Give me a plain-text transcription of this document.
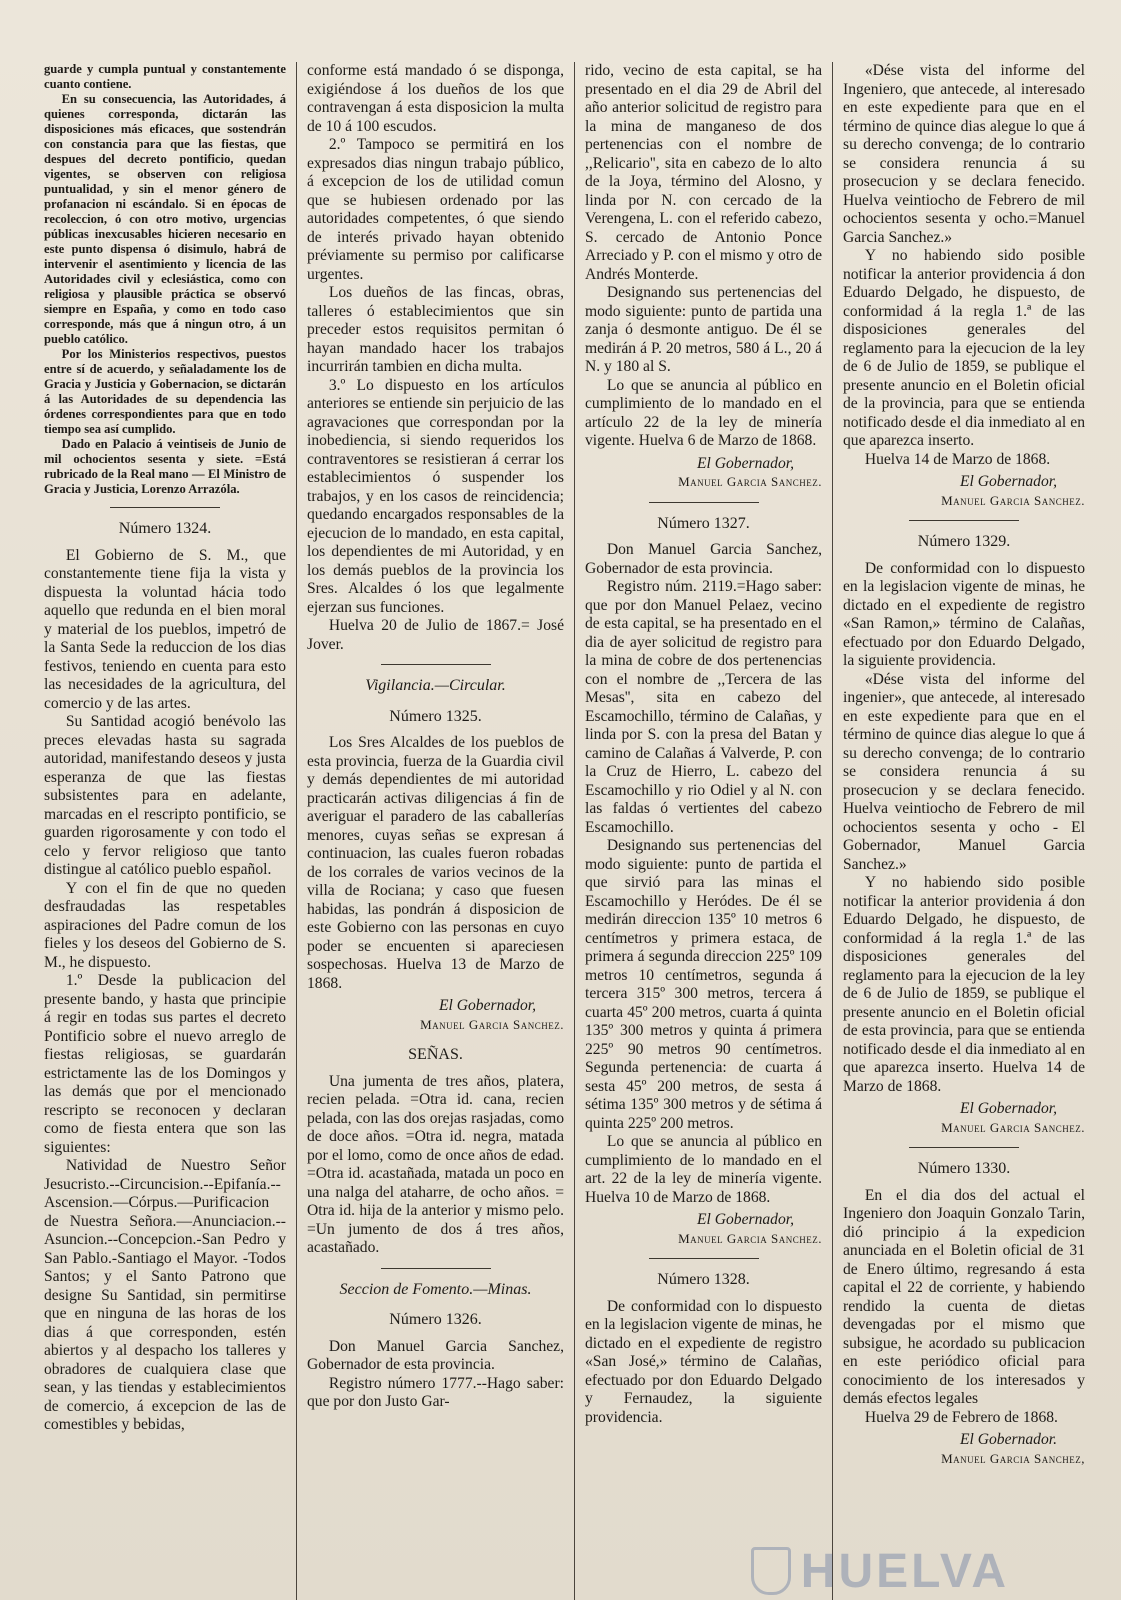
guarde y cumpla puntual y constantemente cuanto contiene.

En su consecuencia, las Autoridades, á quienes corresponda, dictarán las disposiciones más eficaces, que sostendrán con constancia para que las fiestas, que despues del decreto pontificio, quedan vigentes, se observen con religiosa puntualidad, y sin el menor género de profanacion ni escándalo. Si en épocas de recoleccion, ó con otro motivo, urgencias públicas inexcusables hicieren necesario en este punto dispensa ó disimulo, habrá de intervenir el asentimiento y licencia de las Autoridades civil y eclesiástica, como con religiosa y plausible práctica se observó siempre en España, y como en todo caso corresponde, más que á ningun otro, á un pueblo católico.

Por los Ministerios respectivos, puestos entre sí de acuerdo, y señaladamente los de Gracia y Justicia y Gobernacion, se dictarán á las Autoridades de su dependencia las órdenes correspondientes para que en todo tiempo sea así cumplido.

Dado en Palacio á veintiseis de Junio de mil ochocientos sesenta y siete. =Está rubricado de la Real mano — El Ministro de Gracia y Justicia, Lorenzo Arrazóla.

Número 1324.

El Gobierno de S. M., que constantemente tiene fija la vista y dispuesta la voluntad hácia todo aquello que redunda en el bien moral y material de los pueblos, impetró de la Santa Sede la reduccion de los dias festivos, teniendo en cuenta para esto las necesidades de la agricultura, del comercio y de las artes.

Su Santidad acogió benévolo las preces elevadas hasta su sagrada autoridad, manifestando deseos y justa esperanza de que las fiestas subsistentes para en adelante, marcadas en el rescripto pontificio, se guarden rigorosamente y con todo el celo y fervor religioso que tanto distingue al católico pueblo español.

Y con el fin de que no queden desfraudadas las respetables aspiraciones del Padre comun de los fieles y los deseos del Gobierno de S. M., he dispuesto.

1.º Desde la publicacion del presente bando, y hasta que principie á regir en todas sus partes el decreto Pontificio sobre el nuevo arreglo de fiestas religiosas, se guardarán estrictamente las de los Domingos y las demás que por el mencionado rescripto se reconocen y declaran como de fiesta entera que son las siguientes:

Natividad de Nuestro Señor Jesucristo.--Circuncision.--Epifanía.--Ascension.—Córpus.—Purificacion de Nuestra Señora.—Anunciacion.--Asuncion.--Concepcion.-San Pedro y San Pablo.-Santiago el Mayor. -Todos Santos; y el Santo Patrono que designe Su Santidad, sin permitirse que en ninguna de las horas de los dias á que corresponden, estén abiertos y al despacho los talleres y obradores de cualquiera clase que sean, y las tiendas y establecimientos de comercio, á excepcion de las de comestibles y bebidas,

conforme está mandado ó se disponga, exigiéndose á los dueños de los que contravengan á esta disposicion la multa de 10 á 100 escudos.

2.º Tampoco se permitirá en los expresados dias ningun trabajo público, á excepcion de los de utilidad comun que se hubiesen ordenado por las autoridades competentes, ó que siendo de interés privado hayan obtenido préviamente su permiso por calificarse urgentes.

Los dueños de las fincas, obras, talleres ó establecimientos que sin preceder estos requisitos permitan ó hayan mandado hacer los trabajos incurrirán tambien en dicha multa.

3.º Lo dispuesto en los artículos anteriores se entiende sin perjuicio de las agravaciones que correspondan por la inobediencia, si siendo requeridos los contraventores se resistieran á cerrar los establecimientos ó suspender los trabajos, y en los casos de reincidencia; quedando encargados responsables de la ejecucion de lo mandado, en esta capital, los dependientes de mi Autoridad, y en los demás pueblos de la provincia los Sres. Alcaldes ó los que legalmente ejerzan sus funciones.

Huelva 20 de Julio de 1867.= José Jover.

Vigilancia.—Circular.
Número 1325.

Los Sres Alcaldes de los pueblos de esta provincia, fuerza de la Guardia civil y demás dependientes de mi autoridad practicarán activas diligencias á fin de averiguar el paradero de las caballerías menores, cuyas señas se expresan á continuacion, las cuales fueron robadas de los corrales de varios vecinos de la villa de Rociana; y caso que fuesen habidas, las pondrán á disposicion de este Gobierno con las personas en cuyo poder se encuenten si apareciesen sospechosas. Huelva 13 de Marzo de 1868.

El Gobernador,
Manuel Garcia Sanchez.
SEÑAS.

Una jumenta de tres años, platera, recien pelada. =Otra id. cana, recien pelada, con las dos orejas rasjadas, como de doce años. =Otra id. negra, matada por el lomo, como de once años de edad. =Otra id. acastañada, matada un poco en una nalga del ataharre, de ocho años. = Otra id. hija de la anterior y mismo pelo. =Un jumento de dos á tres años, acastañado.

Seccion de Fomento.—Minas.
Número 1326.

Don Manuel Garcia Sanchez, Gobernador de esta provincia.

Registro número 1777.--Hago saber: que por don Justo Gar-

rido, vecino de esta capital, se ha presentado en el dia 29 de Abril del año anterior solicitud de registro para la mina de manganeso de dos pertenencias con el nombre de ,,Relicario'', sita en cabezo de lo alto de la Joya, término del Alosno, y linda por N. con cercado de la Verengena, L. con el referido cabezo, S. cercado de Antonio Ponce Arreciado y P. con el mismo y otro de Andrés Monterde.

Designando sus pertenencias del modo siguiente: punto de partida una zanja ó desmonte antiguo. De él se medirán á P. 20 metros, 580 á L., 20 á N. y 180 al S.

Lo que se anuncia al público en cumplimiento de lo mandado en el artículo 22 de la ley de minería vigente. Huelva 6 de Marzo de 1868.

El Gobernador,
Manuel Garcia Sanchez.
Número 1327.

Don Manuel Garcia Sanchez, Gobernador de esta provincia.

Registro núm. 2119.=Hago saber: que por don Manuel Pelaez, vecino de esta capital, se ha presentado en el dia de ayer solicitud de registro para la mina de cobre de dos pertenencias con el nombre de ,,Tercera de las Mesas'', sita en cabezo del Escamochillo, término de Calañas, y linda por S. con la presa del Batan y camino de Calañas á Valverde, P. con la Cruz de Hierro, L. cabezo del Escamochillo y rio Odiel y al N. con las faldas ó vertientes del cabezo Escamochillo.

Designando sus pertenencias del modo siguiente: punto de partida el que sirvió para las minas el Escamochillo y Heródes. De él se medirán direccion 135º 10 metros 6 centímetros y primera estaca, de primera á segunda direccion 225º 109 metros 10 centímetros, segunda á tercera 315º 300 metros, tercera á cuarta 45º 200 metros, cuarta á quinta 135º 300 metros y quinta á primera 225º 90 metros 90 centímetros. Segunda pertenencia: de cuarta á sesta 45º 200 metros, de sesta á sétima 135º 300 metros y de sétima á quinta 225º 200 metros.

Lo que se anuncia al público en cumplimiento de lo mandado en el art. 22 de la ley de minería vigente. Huelva 10 de Marzo de 1868.

El Gobernador,
Manuel Garcia Sanchez.
Número 1328.

De conformidad con lo dispuesto en la legislacion vigente de minas, he dictado en el expediente de registro «San José,» término de Calañas, efectuado por don Eduardo Delgado y Fernaudez, la siguiente providencia.

«Dése vista del informe del Ingeniero, que antecede, al interesado en este expediente para que en el término de quince dias alegue lo que á su derecho convenga; de lo contrario se considera renuncia á su prosecucion y se declara fenecido. Huelva veintiocho de Febrero de mil ochocientos sesenta y ocho.=Manuel Garcia Sanchez.»

Y no habiendo sido posible notificar la anterior providencia á don Eduardo Delgado, he dispuesto, de conformidad á la regla 1.ª de las disposiciones generales del reglamento para la ejecucion de la ley de 6 de Julio de 1859, se publique el presente anuncio en el Boletin oficial de la provincia, para que se entienda notificado desde el dia inmediato al en que aparezca inserto.

Huelva 14 de Marzo de 1868.

El Gobernador,
Manuel Garcia Sanchez.
Número 1329.

De conformidad con lo dispuesto en la legislacion vigente de minas, he dictado en el expediente de registro «San Ramon,» término de Calañas, efectuado por don Eduardo Delgado, la siguiente providencia.

«Dése vista del informe del ingenier», que antecede, al interesado en este expediente para que en el término de quince dias alegue lo que á su derecho convenga; de lo contrario se considera renuncia á su prosecucion y se declara fenecido. Huelva veintiocho de Febrero de mil ochocientos sesenta y ocho - El Gobernador, Manuel Garcia Sanchez.»

Y no habiendo sido posible notificar la anterior providenia á don Eduardo Delgado, he dispuesto, de conformidad á la regla 1.ª de las disposiciones generales del reglamento para la ejecucion de la ley de 6 de Julio de 1859, se publique el presente anuncio en el Boletin oficial de esta provincia, para que se entienda notificado desde el dia inmediato al en que aparezca inserto. Huelva 14 de Marzo de 1868.

El Gobernador,
Manuel Garcia Sanchez.
Número 1330.

En el dia dos del actual el Ingeniero don Joaquin Gonzalo Tarin, dió principio á la expedicion anunciada en el Boletin oficial de 31 de Enero último, regresando á esta capital el 22 de corriente, y habiendo rendido la cuenta de dietas devengadas por el mismo que subsigue, he acordado su publicacion en este periódico oficial para conocimiento de los interesados y demás efectos legales

Huelva 29 de Febrero de 1868.

El Gobernador.
Manuel Garcia Sanchez,
HUELVA
